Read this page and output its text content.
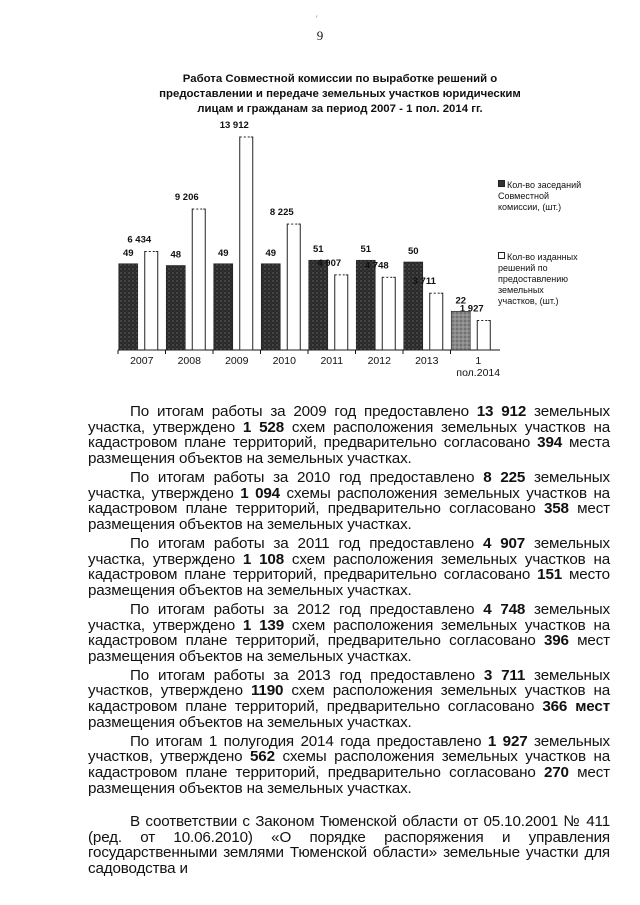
'
9
Работа Совместной комиссии по выработке решений о
предоставлении и передаче земельных участков юридическим
лицам и гражданам за период 2007 - 1 пол. 2014 гг.
49
6 434
2007
48
9 206
2008
49
13 912
2009
49
8 225
2010
51
4 907
2011
51
4 748
2012
50
3 711
2013
22
1 927
1
пол.2014
Кол-во заседаний
Совместной
комиссии, (шт.)
Кол-во изданных
решений по
предоставлению
земельных
участков, (шт.)

По итогам работы за 2009 год предоставлено 13 912 земельных участка, утверждено 1 528 схем расположения земельных участков на кадастровом плане территорий, предварительно согласовано 394 места размещения объектов на земельных участках.

По итогам работы за 2010 год предоставлено 8 225 земельных участка, утверждено 1 094 схемы расположения земельных участков на кадастровом плане территорий, предварительно согласовано 358 мест размещения объектов на земельных участках.

По итогам работы за 2011 год предоставлено 4 907 земельных участка, утверждено 1 108 схем расположения земельных участков на кадастровом плане территорий, предварительно согласовано 151 место размещения объектов на земельных участках.

По итогам работы за 2012 год предоставлено 4 748 земельных участка, утверждено 1 139 схем расположения земельных участков на кадастровом плане территорий, предварительно согласовано 396 мест размещения объектов на земельных участках.

По итогам работы за 2013 год предоставлено 3 711 земельных участков, утверждено 1190 схем расположения земельных участков на кадастровом плане территорий, предварительно согласовано 366 мест размещения объектов на земельных участках.

По итогам 1 полугодия 2014 года предоставлено 1 927 земельных участков, утверждено 562 схемы расположения земельных участков на кадастровом плане территорий, предварительно согласовано 270 мест размещения объектов на земельных участках.

В соответствии с Законом Тюменской области от 05.10.2001 № 411 (ред. от 10.06.2010) «О порядке распоряжения и управления государственными землями Тюменской области» земельные участки для садоводства и
